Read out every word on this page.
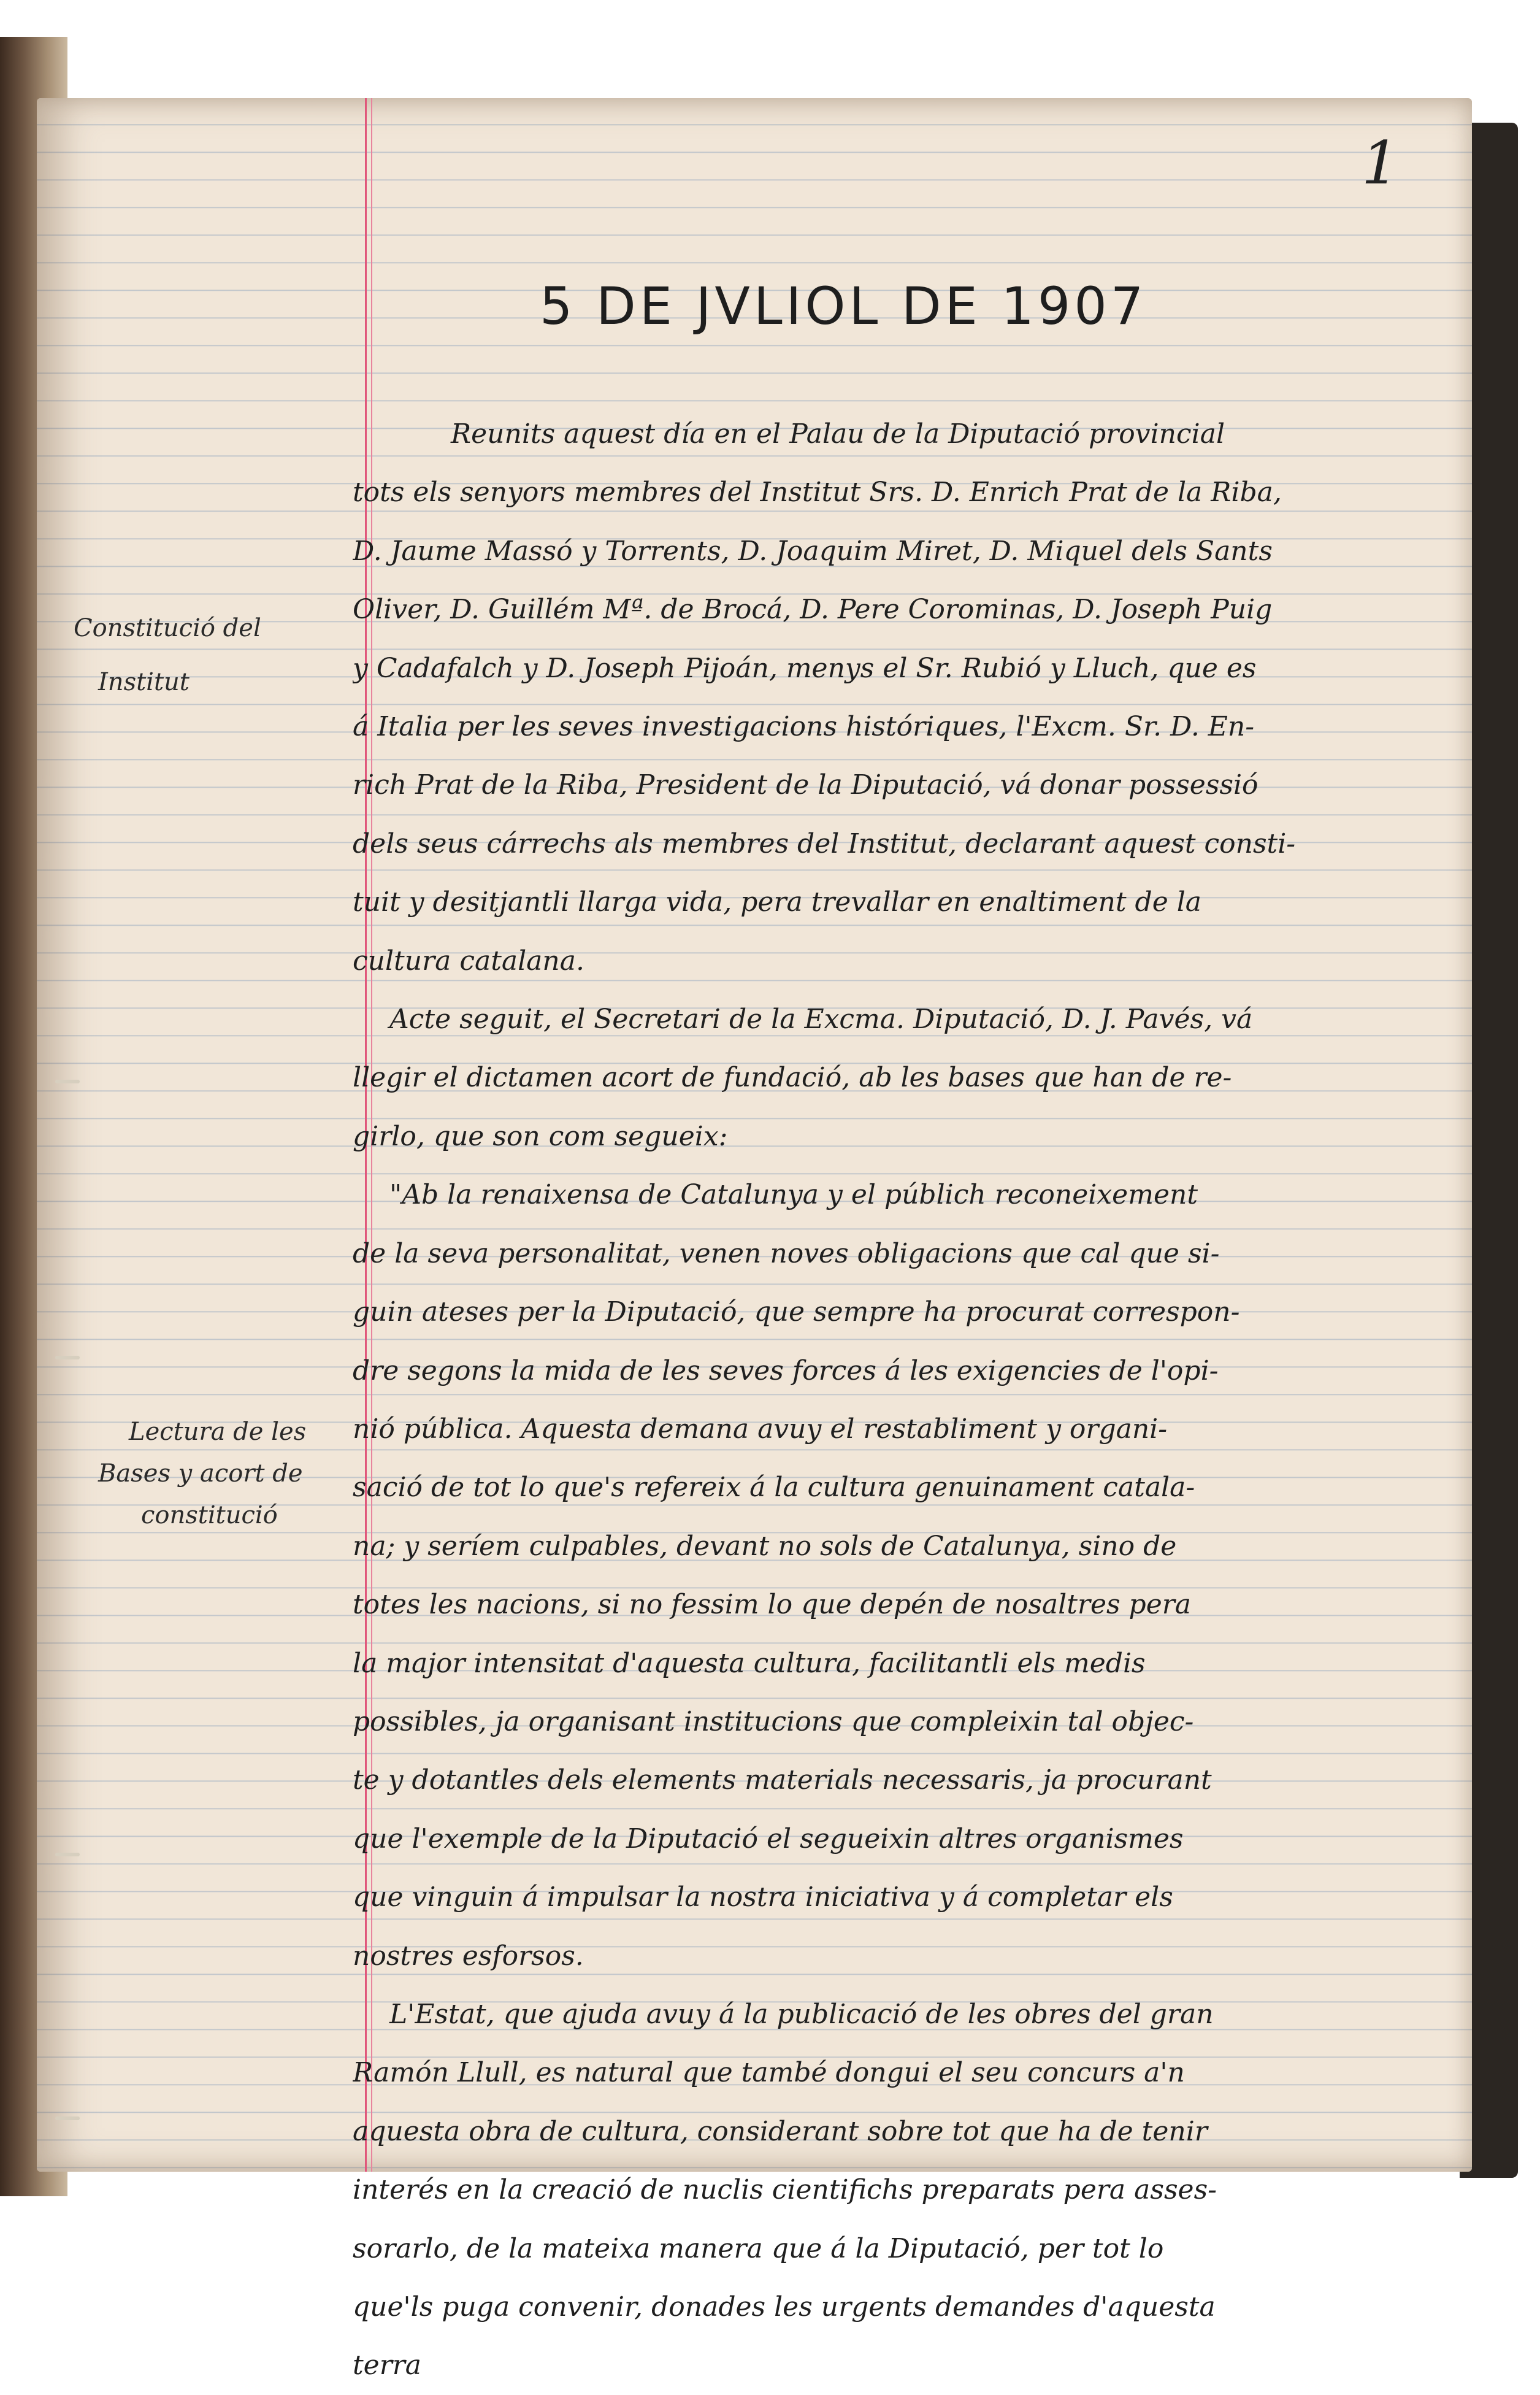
1
5 DE JVLIOL DE 1907
Constitució del
Institut
Lectura de les
Bases y acort de
constitució
Reunits aquest día en el Palau de la Diputació provincial
tots els senyors membres del Institut Srs. D. Enrich Prat de la Riba,
D. Jaume Massó y Torrents, D. Joaquim Miret, D. Miquel dels Sants
Oliver, D. Guillém Mª. de Brocá, D. Pere Corominas, D. Joseph Puig
y Cadafalch y D. Joseph Pijoán, menys el Sr. Rubió y Lluch, que es
á Italia per les seves investigacions históriques, l'Excm. Sr. D. En-
rich Prat de la Riba, President de la Diputació, vá donar possessió
dels seus cárrechs als membres del Institut, declarant aquest consti-
tuit y desitjantli llarga vida, pera trevallar en enaltiment de la
cultura catalana.
Acte seguit, el Secretari de la Excma. Diputació, D. J. Pavés, vá
llegir el dictamen acort de fundació, ab les bases que han de re-
girlo, que son com segueix:
"Ab la renaixensa de Catalunya y el públich reconeixement
de la seva personalitat, venen noves obligacions que cal que si-
guin ateses per la Diputació, que sempre ha procurat correspon-
dre segons la mida de les seves forces á les exigencies de l'opi-
nió pública. Aquesta demana avuy el restabliment y organi-
sació de tot lo que's refereix á la cultura genuinament catala-
na; y seríem culpables, devant no sols de Catalunya, sino de
totes les nacions, si no fessim lo que depén de nosaltres pera
la major intensitat d'aquesta cultura, facilitantli els medis
possibles, ja organisant institucions que compleixin tal objec-
te y dotantles dels elements materials necessaris, ja procurant
que l'exemple de la Diputació el segueixin altres organismes
que vinguin á impulsar la nostra iniciativa y á completar els
nostres esforsos.
L'Estat, que ajuda avuy á la publicació de les obres del gran
Ramón Llull, es natural que també dongui el seu concurs a'n
aquesta obra de cultura, considerant sobre tot que ha de tenir
interés en la creació de nuclis cientifichs preparats pera asses-
sorarlo, de la mateixa manera que á la Diputació, per tot lo
que'ls puga convenir, donades les urgents demandes d'aquesta
terra
